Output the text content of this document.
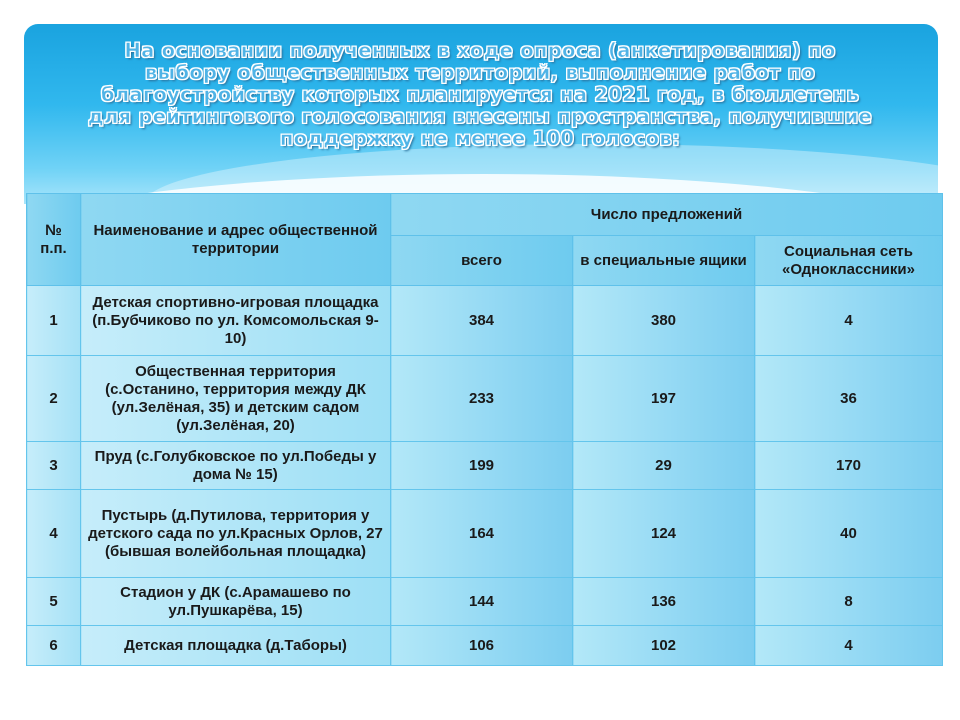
На основании полученных в ходе опроса (анкетирования) по
выбору общественных территорий, выполнение работ по
благоустройству которых планируется на 2021 год, в бюллетень
для рейтингового голосования внесены пространства, получившие
поддержку не менее 100 голосов:
№ п.п.	Наименование и адрес общественной территории	Число предложений		
		всего	в специальные ящики	Социальная сеть «Одноклассники»
1	Детская спортивно-игровая площадка (п.Бубчиково по ул. Комсомольская 9-10)	384	380	4
2	Общественная территория (с.Останино, территория между ДК (ул.Зелёная, 35) и детским садом (ул.Зелёная, 20)	233	197	36
3	Пруд (с.Голубковское по ул.Победы у дома № 15)	199	29	170
4	Пустырь (д.Путилова, территория у детского сада по ул.Красных Орлов, 27 (бывшая волейбольная площадка)	164	124	40
5	Стадион у ДК (с.Арамашево по ул.Пушкарёва, 15)	144	136	8
6	Детская площадка (д.Таборы)	106	102	4
